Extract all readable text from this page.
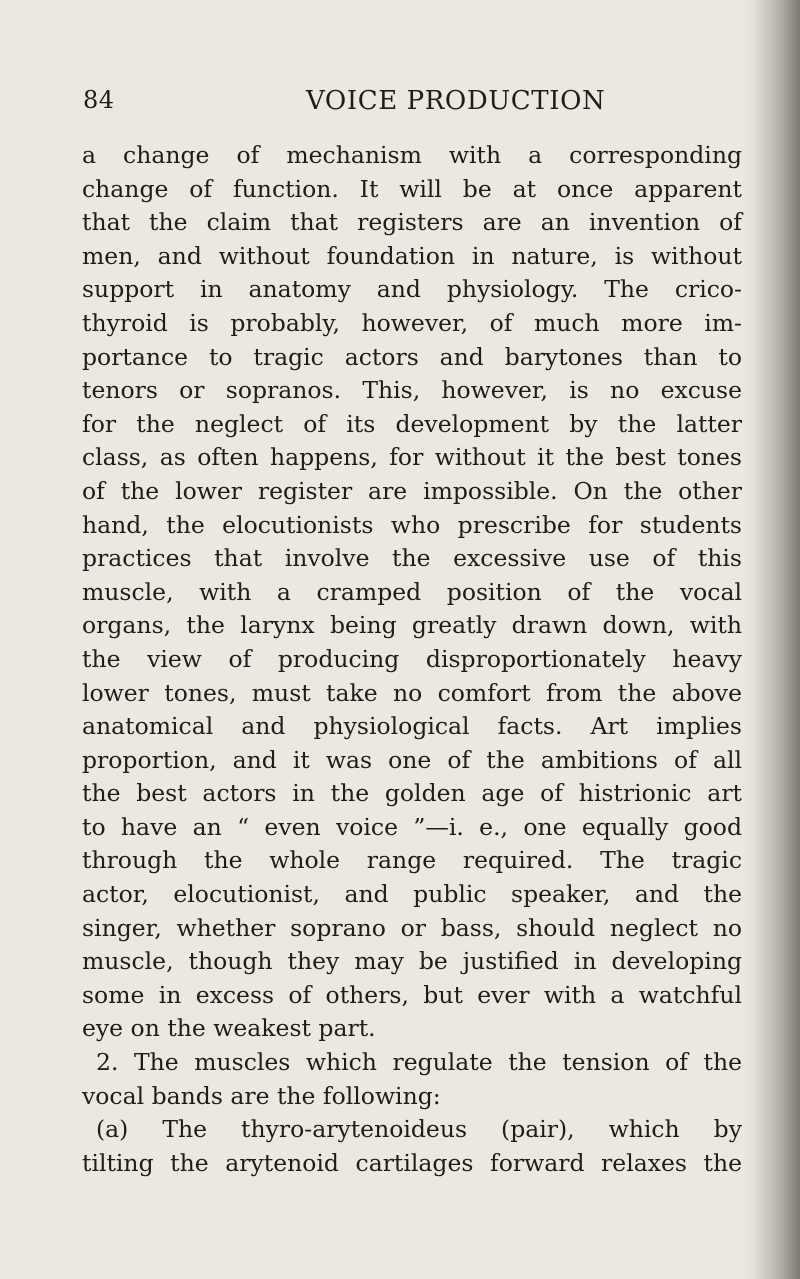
84	VOICE PRODUCTION
a change of mechanism with a corresponding
change of function. It will be at once apparent
that the claim that registers are an invention of
men, and without foundation in nature, is without
support in anatomy and physiology. The crico-
thyroid is probably, however, of much more im-
portance to tragic actors and barytones than to
tenors or sopranos. This, however, is no excuse
for the neglect of its development by the latter
class, as often happens, for without it the best tones
of the lower register are impossible. On the other
hand, the elocutionists who prescribe for students
practices that involve the excessive use of this
muscle, with a cramped position of the vocal
organs, the larynx being greatly drawn down, with
the view of producing disproportionately heavy
lower tones, must take no comfort from the above
anatomical and physiological facts. Art implies
proportion, and it was one of the ambitions of all
the best actors in the golden age of histrionic art
to have an “ even voice ”—i. e., one equally good
through the whole range required. The tragic
actor, elocutionist, and public speaker, and the
singer, whether soprano or bass, should neglect no
muscle, though they may be justified in developing
some in excess of others, but ever with a watchful
eye on the weakest part.
2. The muscles which regulate the tension of the
vocal bands are the following:
(a) The thyro-arytenoideus (pair), which by
tilting the arytenoid cartilages forward relaxes the
